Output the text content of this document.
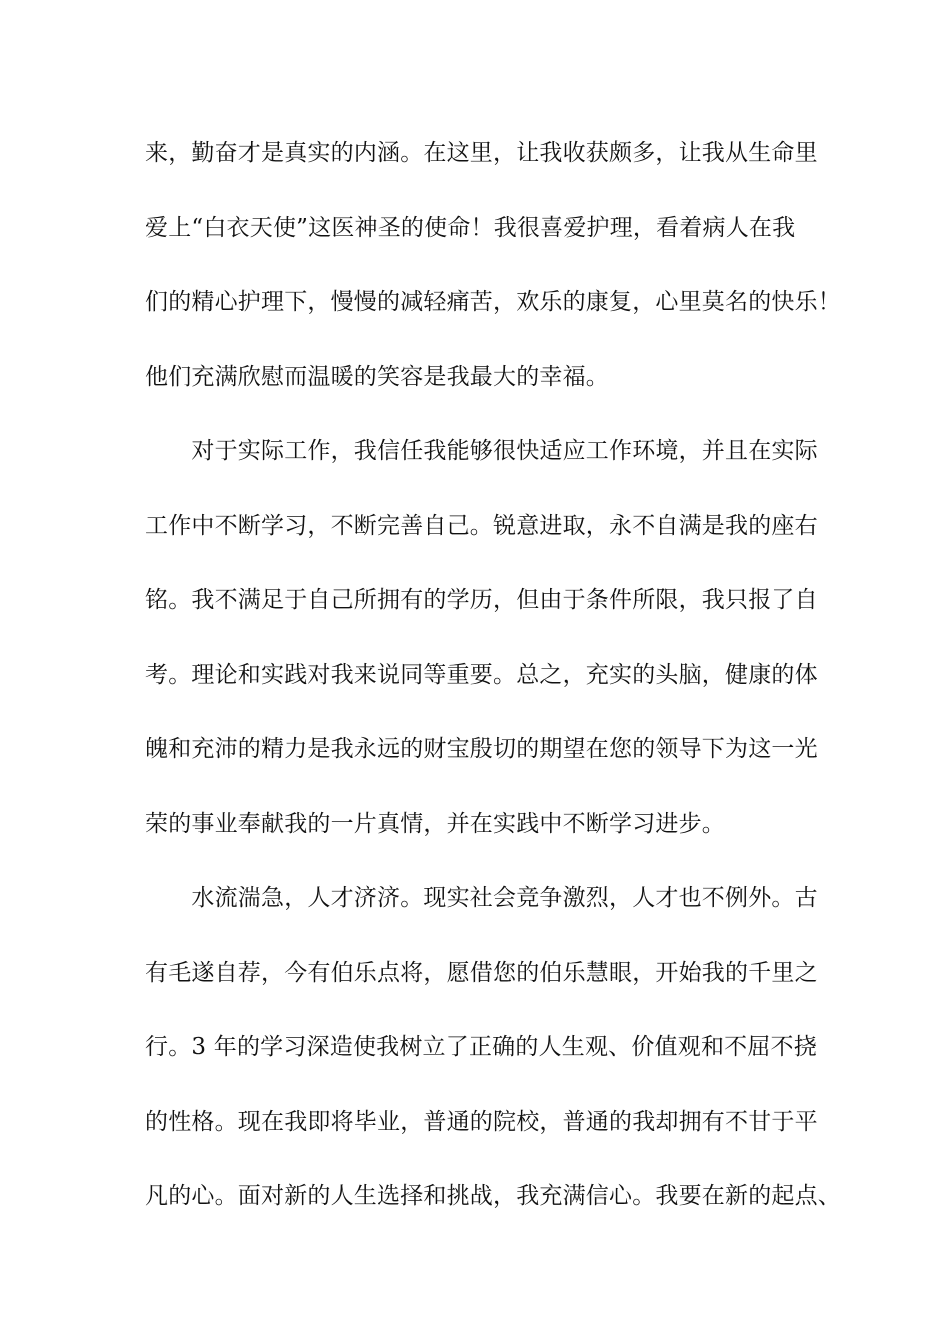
来，勤奋才是真实的内涵。在这里，让我收获颇多，让我从生命里
爱上“白衣天使”这医神圣的使命！我很喜爱护理，看着病人在我
们的精心护理下，慢慢的减轻痛苦，欢乐的康复，心里莫名的快乐！
他们充满欣慰而温暖的笑容是我最大的幸福。
　　对于实际工作，我信任我能够很快适应工作环境，并且在实际
工作中不断学习，不断完善自己。锐意进取，永不自满是我的座右
铭。我不满足于自己所拥有的学历，但由于条件所限，我只报了自
考。理论和实践对我来说同等重要。总之，充实的头脑，健康的体
魄和充沛的精力是我永远的财宝殷切的期望在您的领导下为这一光
荣的事业奉献我的一片真情，并在实践中不断学习进步。
　　水流湍急，人才济济。现实社会竞争激烈，人才也不例外。古
有毛遂自荐，今有伯乐点将，愿借您的伯乐慧眼，开始我的千里之
行。3 年的学习深造使我树立了正确的人生观、价值观和不屈不挠
的性格。现在我即将毕业，普通的院校，普通的我却拥有不甘于平
凡的心。面对新的人生选择和挑战，我充满信心。我要在新的起点、
